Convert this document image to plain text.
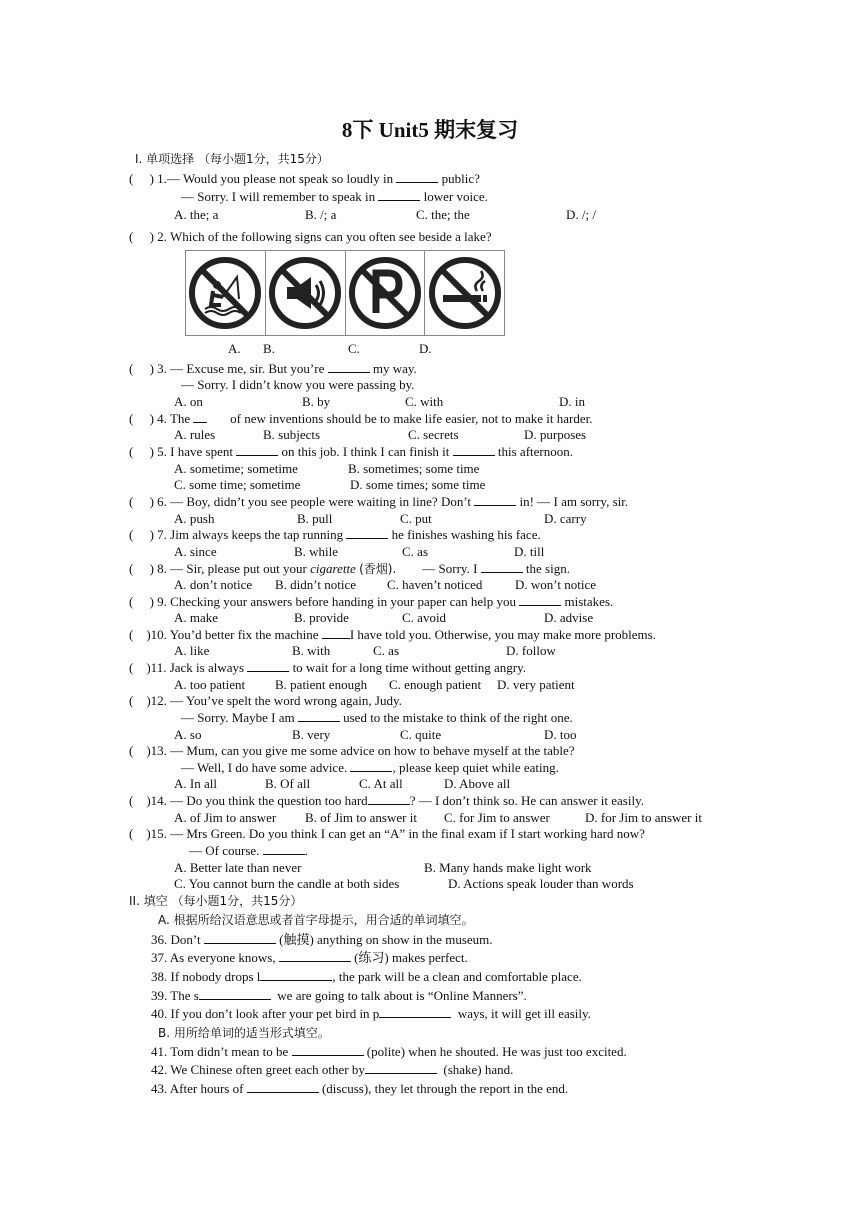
8下 Unit5 期末复习
Ⅰ. 单项选择 （每小题1分，共15分）
( ) 1.— Would you please not speak so loudly in	public?
— Sorry. I will remember to speak in	lower voice.
A. the; a	B. /; a	C. the; the	D. /; /
( ) 2. Which of the following signs can you often see beside a lake?
A. B.	C.	D.
( ) 3. — Excuse me, sir. But you’re	my way.
— Sorry. I didn’t know you were passing by.
A. on	B. by	C. with	D. in
( ) 4. The	of new inventions should be to make life easier, not to make it harder.
A. rules	B. subjects	C. secrets	D. purposes
( ) 5. I have spent	on this job. I think I can finish it	this afternoon.
A. sometime; sometime	B. sometimes; some time
C. some time; sometime	D. some times; some time
( ) 6. — Boy, didn’t you see people were waiting in line? Don’t	in! — I am sorry, sir.
A. push	B. pull	C. put	D. carry
( ) 7. Jim always keeps the tap running	he finishes washing his face.
A. since	B. while	C. as	D. till
( ) 8. — Sir, please put out your cigarette (香烟). — Sorry. I	the sign.
A. don’t notice B. didn’t notice C. haven’t noticed	D. won’t notice
( ) 9. Checking your answers before handing in your paper can help you	mistakes.
A. make	B. provide	C. avoid	D. advise
( )10. You’d better fix the machine I have told you. Otherwise, you may make more problems.
A. like	B. with	C. as	D. follow
( )11. Jack is always	to wait for a long time without getting angry.
A. too patient B. patient enough C. enough patient D. very patient
( )12. — You’ve spelt the word wrong again, Judy.
— Sorry. Maybe I am	used to the mistake to think of the right one.
A. so	B. very	C. quite	D. too
( )13. — Mum, can you give me some advice on how to behave myself at the table?
— Well, I do have some advice.	, please keep quiet while eating.
A. In all	B. Of all	C. At all	D. Above all
( )14. — Do you think the question too hard	? — I don’t think so. He can answer it easily.
A. of Jim to answer B. of Jim to answer it C. for Jim to answer	D. for Jim to answer it
( )15. — Mrs Green. Do you think I can get an “A” in the final exam if I start working hard now?
— Of course.	.
A. Better late than never	B. Many hands make light work
C. You cannot burn the candle at both sides	D. Actions speak louder than words
II. 填空 （每小题1分，共15分）
A. 根据所给汉语意思或者首字母提示，用合适的单词填空。
36. Don’t	(触摸) anything on show in the museum.
37. As everyone knows,	(练习) makes perfect.
38. If nobody drops l	, the park will be a clean and comfortable place.
39. The s	we are going to talk about is “Online Manners”.
40. If you don’t look after your pet bird in p	ways, it will get ill easily.
B. 用所给单词的适当形式填空。
41. Tom didn’t mean to be	(polite) when he shouted. He was just too excited.
42. We Chinese often greet each other by	(shake) hand.
43. After hours of	(discuss), they let through the report in the end.
